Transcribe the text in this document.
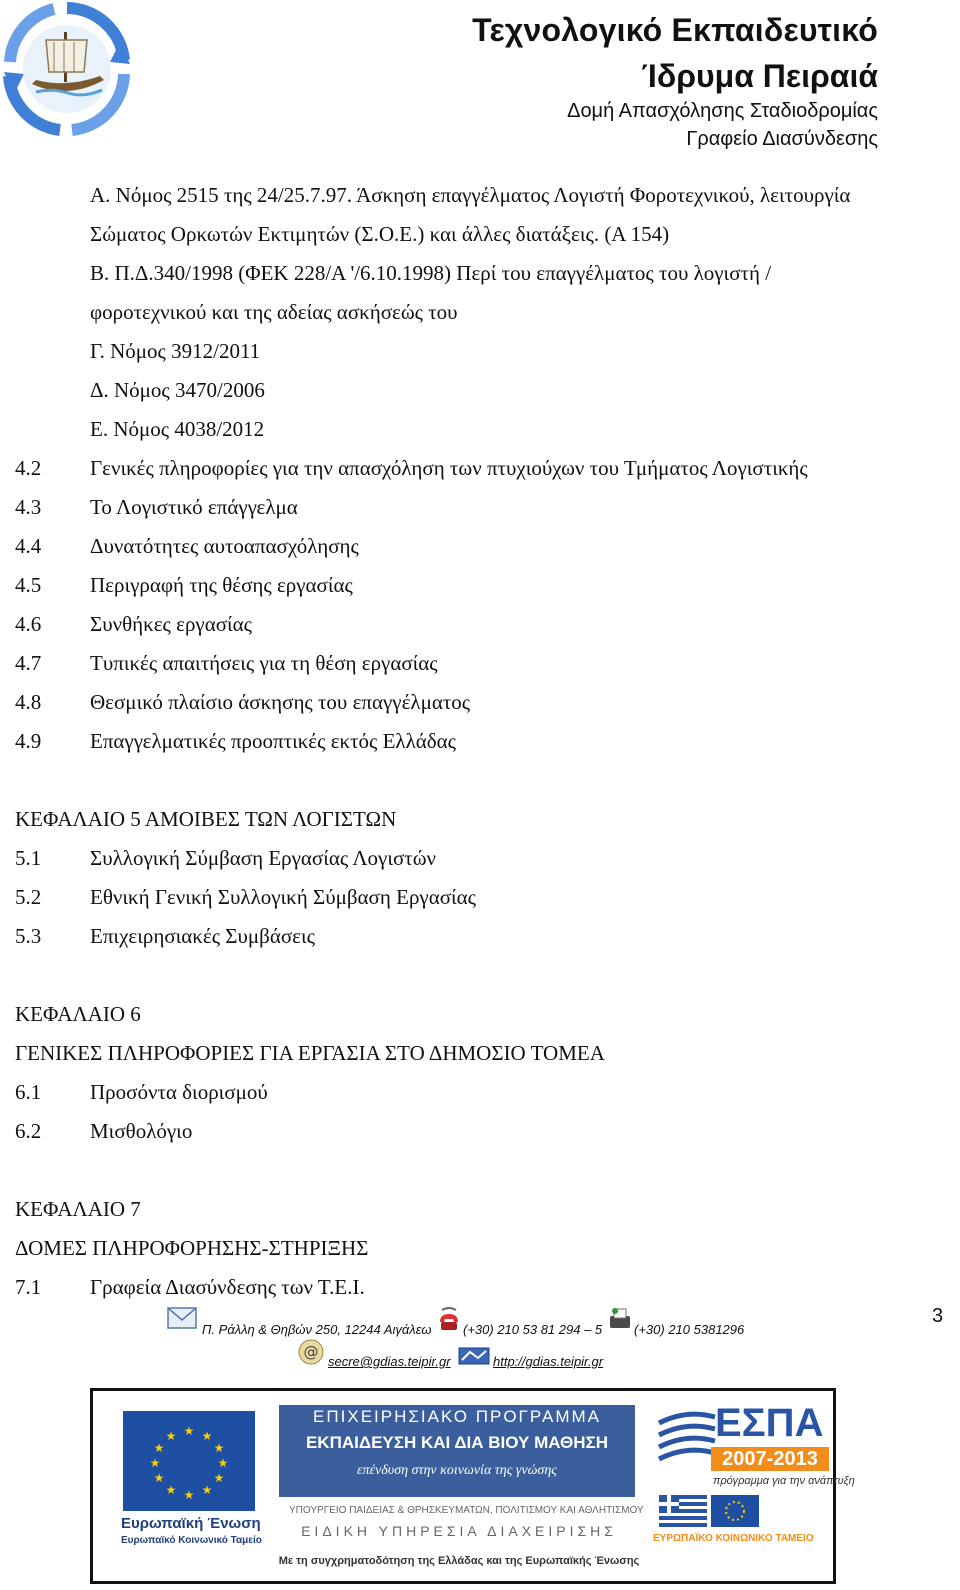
Τεχνολογικό Εκπαιδευτικό
Ίδρυμα Πειραιά
Δομή Απασχόλησης Σταδιοδρομίας
Γραφείο Διασύνδεσης
Α. Νόμος 2515 της 24/25.7.97. Άσκηση επαγγέλματος Λογιστή Φοροτεχνικού, λειτουργία
Σώματος Ορκωτών Εκτιμητών (Σ.Ο.Ε.) και άλλες διατάξεις. (Α 154)
Β. Π.Δ.340/1998 (ΦΕΚ 228/Α '/6.10.1998) Περί του επαγγέλματος του λογιστή /
φοροτεχνικού και της αδείας ασκήσεώς του
Γ. Νόμος 3912/2011
Δ. Νόμος 3470/2006
Ε. Νόμος 4038/2012
4.2 Γενικές πληροφορίες για την απασχόληση των πτυχιούχων του Τμήματος Λογιστικής
4.3 Το Λογιστικό επάγγελμα
4.4 Δυνατότητες αυτοαπασχόλησης
4.5 Περιγραφή της θέσης εργασίας
4.6 Συνθήκες εργασίας
4.7 Τυπικές απαιτήσεις για τη θέση εργασίας
4.8 Θεσμικό πλαίσιο άσκησης του επαγγέλματος
4.9 Επαγγελματικές προοπτικές εκτός Ελλάδας
ΚΕΦΑΛΑΙΟ 5 ΑΜΟΙΒΕΣ ΤΩΝ ΛΟΓΙΣΤΩΝ
5.1 Συλλογική Σύμβαση Εργασίας Λογιστών
5.2 Εθνική Γενική Συλλογική Σύμβαση Εργασίας
5.3 Επιχειρησιακές Συμβάσεις
ΚΕΦΑΛΑΙΟ 6
ΓΕΝΙΚΕΣ ΠΛΗΡΟΦΟΡΙΕΣ ΓΙΑ ΕΡΓΑΣΙΑ ΣΤΟ ΔΗΜΟΣΙΟ ΤΟΜΕΑ
6.1 Προσόντα διορισμού
6.2 Μισθολόγιο
ΚΕΦΑΛΑΙΟ 7
ΔΟΜΕΣ ΠΛΗΡΟΦΟΡΗΣΗΣ-ΣΤΗΡΙΞΗΣ
7.1 Γραφεία Διασύνδεσης των Τ.Ε.Ι.
3
Π. Ράλλη & Θηβών 250, 12244 Αιγάλεω (+30) 210 53 81 294 – 5 (+30) 210 5381296
@
secre@gdias.teipir.gr	http://gdias.teipir.gr
★ ★
★
★
★
★
★
★
★
★
★
★
Ευρωπαϊκή Ένωση
Ευρωπαϊκό Κοινωνικό Ταμείο
ΕΠΙΧΕΙΡΗΣΙΑΚΟ ΠΡΟΓΡΑΜΜΑ
ΕΚΠΑΙΔΕΥΣΗ ΚΑΙ ΔΙΑ ΒΙΟΥ ΜΑΘΗΣΗ
επένδυση στην κοινωνία της γνώσης
ΥΠΟΥΡΓΕΙΟ ΠΑΙΔΕΙΑΣ & ΘΡΗΣΚΕΥΜΑΤΩΝ, ΠΟΛΙΤΙΣΜΟΥ ΚΑΙ ΑΘΛΗΤΙΣΜΟΥ
ΕΙΔΙΚΗ ΥΠΗΡΕΣΙΑ ΔΙΑΧΕΙΡΙΣΗΣ
Με τη συγχρηματοδότηση της Ελλάδας και της Ευρωπαϊκής Ένωσης
ΕΣΠΑ
2007-2013
πρόγραμμα για την ανάπτυξη
ΕΥΡΩΠΑΪΚΟ ΚΟΙΝΩΝΙΚΟ ΤΑΜΕΙΟ
